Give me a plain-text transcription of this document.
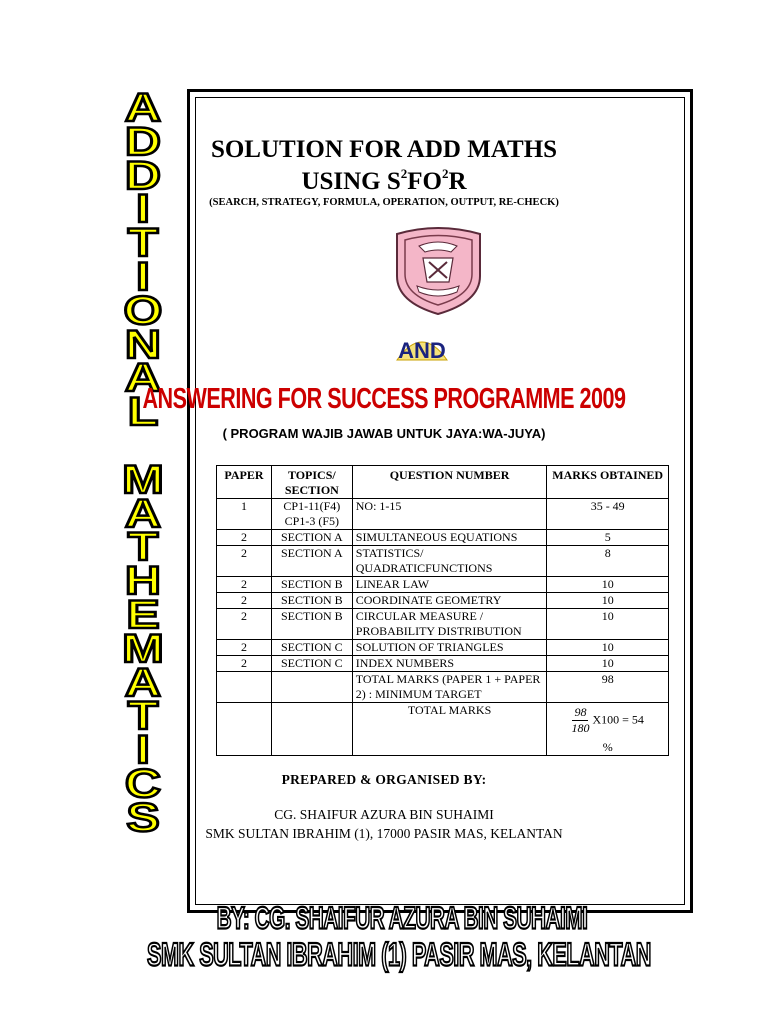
A
D
D
I
T
I
O
N
A
L
M
A
T
H
E
M
A
T
I
C
S
SOLUTION FOR ADD MATHS
USING $S^2FO^2R$
(SEARCH, STRATEGY, FORMULA, OPERATION, OUTPUT, RE-CHECK)
AND
ANSWERING FOR SUCCESS PROGRAMME 2009
( PROGRAM WAJIB JAWAB UNTUK JAYA:WA-JUYA)
PAPER	TOPICS/ SECTION	QUESTION NUMBER	MARKS OBTAINED
1	CP1-11(F4) CP1-3 (F5)	NO: 1-15	35 - 49
2	SECTION A	SIMULTANEOUS EQUATIONS	5
2	SECTION A	STATISTICS/ QUADRATICFUNCTIONS	8
2	SECTION B	LINEAR LAW	10
2	SECTION B	COORDINATE GEOMETRY	10
2	SECTION B	CIRCULAR MEASURE / PROBABILITY DISTRIBUTION	10
2	SECTION C	SOLUTION OF TRIANGLES	10
2	SECTION C	INDEX NUMBERS	10
		TOTAL MARKS (PAPER 1 + PAPER 2) : MINIMUM TARGET	98
		TOTAL MARKS	$\frac{98}{180} X100 = 54$
%
PREPARED & ORGANISED BY:
CG. SHAIFUR AZURA BIN SUHAIMI
SMK SULTAN IBRAHIM (1), 17000 PASIR MAS, KELANTAN
BY: CG. SHAIFUR AZURA BIN SUHAIMI
SMK SULTAN IBRAHIM (1) PASIR MAS, KELANTAN
